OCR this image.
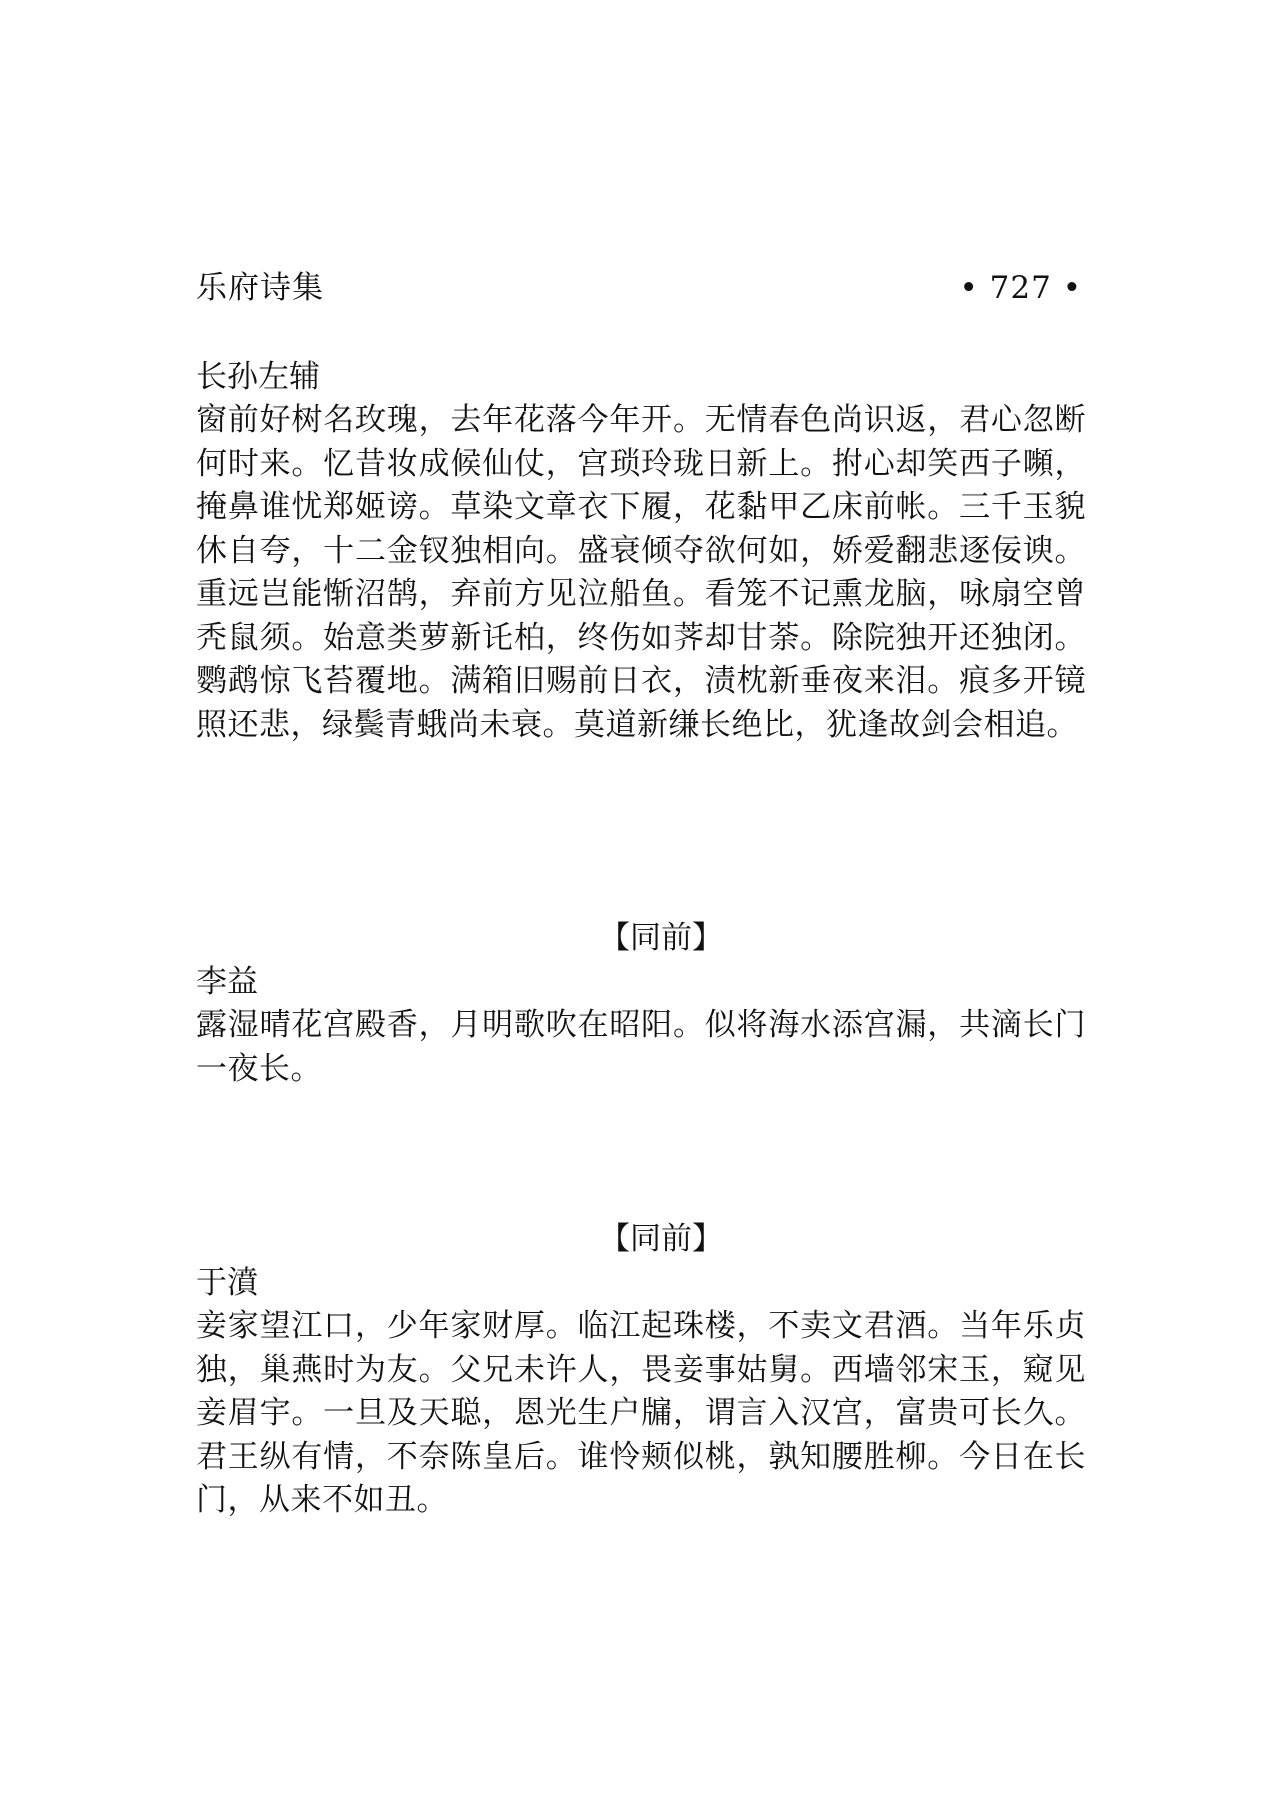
乐府诗集	• 727 •
长孙左辅

窗前好树名玫瑰，去年花落今年开。无情春色尚识返，君心忽断何时来。忆昔妆成候仙仗，宫琐玲珑日新上。拊心却笑西子嚬，掩鼻谁忧郑姬谤。草染文章衣下履，花黏甲乙床前帐。三千玉貌休自夸，十二金钗独相向。盛衰倾夺欲何如，娇爱翻悲逐佞谀。重远岂能惭沼鹄，弃前方见泣船鱼。看笼不记熏龙脑，咏扇空曾秃鼠须。始意类萝新讬柏，终伤如荠却甘荼。除院独开还独闭。鹦鹉惊飞苔覆地。满箱旧赐前日衣，渍枕新垂夜来泪。痕多开镜照还悲，绿鬓青蛾尚未衰。莫道新缣长绝比，犹逢故剑会相追。

【同前】
李益

露湿晴花宫殿香，月明歌吹在昭阳。似将海水添宫漏，共滴长门一夜长。

【同前】
于濆

妾家望江口，少年家财厚。临江起珠楼，不卖文君酒。当年乐贞独，巢燕时为友。父兄未许人，畏妾事姑舅。西墙邻宋玉，窥见妾眉宇。一旦及天聪，恩光生户牖，谓言入汉宫，富贵可长久。君王纵有情，不奈陈皇后。谁怜颊似桃，孰知腰胜柳。今日在长门，从来不如丑。
